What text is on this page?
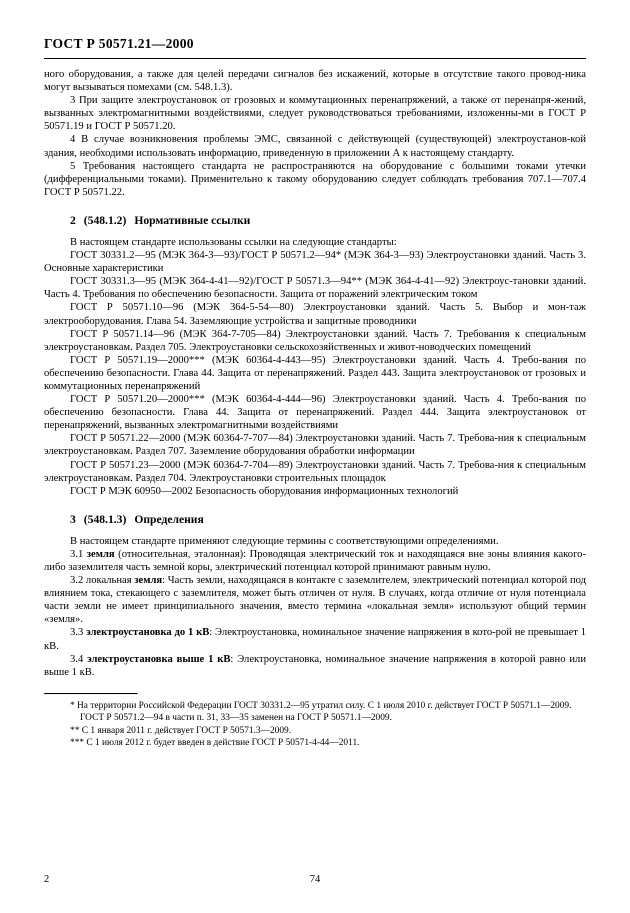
ГОСТ Р 50571.21—2000

ного оборудования, а также для целей передачи сигналов без искажений, которые в отсутствие такого провод-ника могут вызываться помехами (см. 548.1.3).

3 При защите электроустановок от грозовых и коммутационных перенапряжений, а также от перенапря-жений, вызванных электромагнитными воздействиями, следует руководствоваться требованиями, изложенны-ми в ГОСТ Р 50571.19 и ГОСТ Р 50571.20.

4 В случае возникновения проблемы ЭМС, связанной с действующей (существующей) электроустанов-кой здания, необходими использовать информацию, приведенную в приложении А к настоящему стандарту.

5 Требования настоящего стандарта не распространяются на оборудование с большими токами утечки (дифференциальными токами). Применительно к такому оборудованию следует соблюдать требования 707.1—707.4 ГОСТ Р 50571.22.

2 (548.1.2) Нормативные ссылки

В настоящем стандарте использованы ссылки на следующие стандарты:

ГОСТ 30331.2—95 (МЭК 364-3—93)/ГОСТ Р 50571.2—94* (МЭК 364-3—93) Электроустановки зданий. Часть 3. Основные характеристики

ГОСТ 30331.3—95 (МЭК 364-4-41—92)/ГОСТ Р 50571.3—94** (МЭК 364-4-41—92) Электроус-тановки зданий. Часть 4. Требования по обеспечению безопасности. Защита от поражений электрическим током

ГОСТ Р 50571.10—96 (МЭК 364-5-54—80) Электроустановки зданий. Часть 5. Выбор и мон-таж электрооборудования. Глава 54. Заземляющие устройства и защитные проводники

ГОСТ Р 50571.14—96 (МЭК 364-7-705—84) Электроустановки зданий. Часть 7. Требования к специальным электроустановкам. Раздел 705. Электроустановки сельскохозяйственных и живот-новодческих помещений

ГОСТ Р 50571.19—2000*** (МЭК 60364-4-443—95) Электроустановки зданий. Часть 4. Требо-вания по обеспечению безопасности. Глава 44. Защита от перенапряжений. Раздел 443. Защита электроустановок от грозовых и коммутационных перенапряжений

ГОСТ Р 50571.20—2000*** (МЭК 60364-4-444—96) Электроустановки зданий. Часть 4. Требо-вания по обеспечению безопасности. Глава 44. Защита от перенапряжений. Раздел 444. Защита электроустановок от перенапряжений, вызванных электромагнитными воздействиями

ГОСТ Р 50571.22—2000 (МЭК 60364-7-707—84) Электроустановки зданий. Часть 7. Требова-ния к специальным электроустановкам. Раздел 707. Заземление оборудования обработки информации

ГОСТ Р 50571.23—2000 (МЭК 60364-7-704—89) Электроустановки зданий. Часть 7. Требова-ния к специальным электроустановкам. Раздел 704. Электроустановки строительных площадок

ГОСТ Р МЭК 60950—2002 Безопасность оборудования информационных технологий

3 (548.1.3) Определения

В настоящем стандарте применяют следующие термины с соответствующими определениями.

3.1 земля (относительная, эталонная): Проводящая электрический ток и находящаяся вне зоны влияния какого-либо заземлителя часть земной коры, электрический потенциал которой принимают равным нулю.

3.2 локальная земля: Часть земли, находящаяся в контакте с заземлителем, электрический потенциал которой под влиянием тока, стекающего с заземлителя, может быть отличен от нуля. В случаях, когда отличие от нуля потенциала части земли не имеет принципиального значения, вместо термина «локальная земля» используют общий термин «земля».

3.3 электроустановка до 1 кВ: Электроустановка, номинальное значение напряжения в кото-рой не превышает 1 кВ.

3.4 электроустановка выше 1 кВ: Электроустановка, номинальное значение напряжения в которой равно или выше 1 кВ.

* На территории Российской Федерации ГОСТ 30331.2—95 утратил силу. С 1 июля 2010 г. действует ГОСТ Р 50571.1—2009.

ГОСТ Р 50571.2—94 в части п. 31, 33—35 заменен на ГОСТ Р 50571.1—2009.

** С 1 января 2011 г. действует ГОСТ Р 50571.3—2009.

*** С 1 июля 2012 г. будет введен в действие ГОСТ Р 50571-4-44—2011.

2	74
